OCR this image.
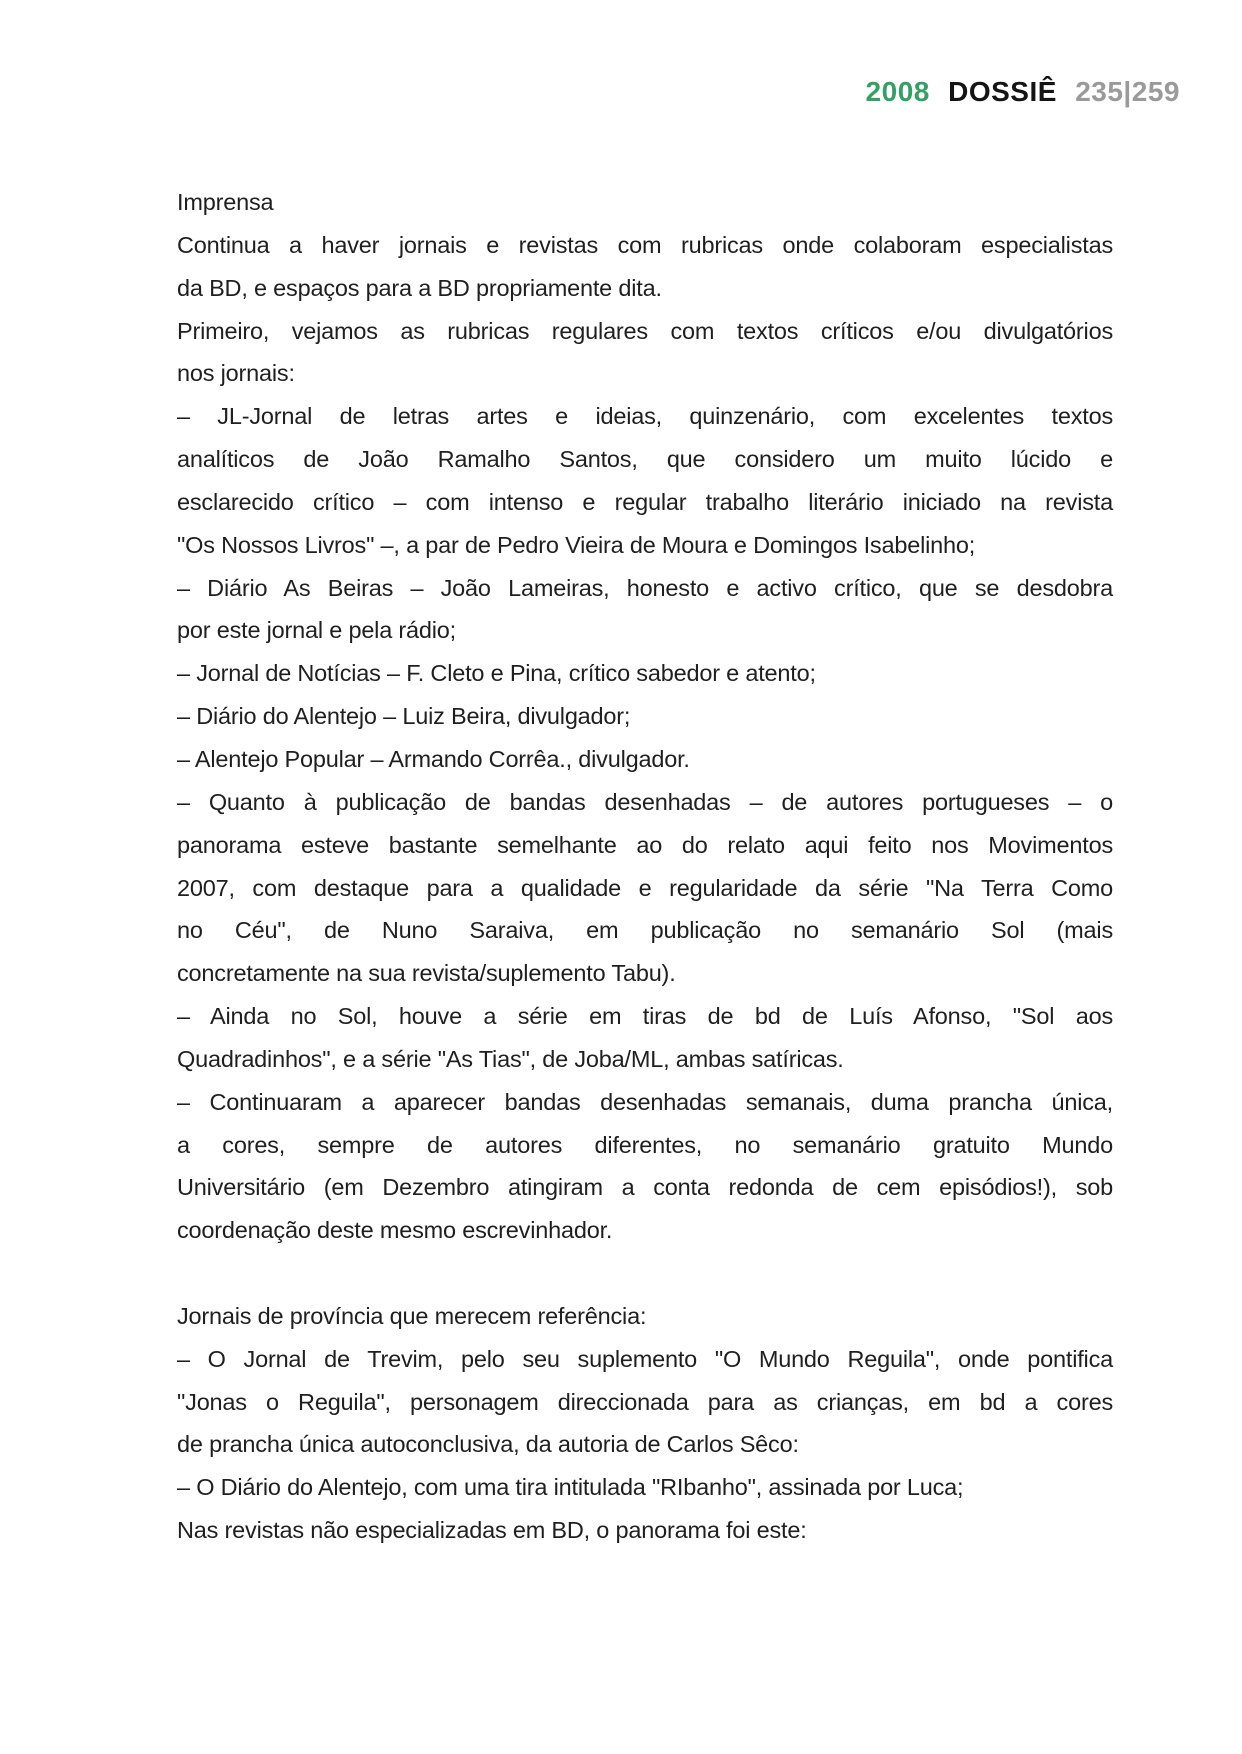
2008 DOSSIÊ 235|259
Imprensa
Continua a haver jornais e revistas com rubricas onde colaboram especialistas
da BD, e espaços para a BD propriamente dita.
Primeiro, vejamos as rubricas regulares com textos críticos e/ou divulgatórios
nos jornais:
– JL-Jornal de letras artes e ideias, quinzenário, com excelentes textos
analíticos de João Ramalho Santos, que considero um muito lúcido e
esclarecido crítico – com intenso e regular trabalho literário iniciado na revista
"Os Nossos Livros" –, a par de Pedro Vieira de Moura e Domingos Isabelinho;
– Diário As Beiras – João Lameiras, honesto e activo crítico, que se desdobra
por este jornal e pela rádio;
– Jornal de Notícias – F. Cleto e Pina, crítico sabedor e atento;
– Diário do Alentejo – Luiz Beira, divulgador;
– Alentejo Popular – Armando Corrêa., divulgador.
– Quanto à publicação de bandas desenhadas – de autores portugueses – o
panorama esteve bastante semelhante ao do relato aqui feito nos Movimentos
2007, com destaque para a qualidade e regularidade da série "Na Terra Como
no Céu", de Nuno Saraiva, em publicação no semanário Sol (mais
concretamente na sua revista/suplemento Tabu).
– Ainda no Sol, houve a série em tiras de bd de Luís Afonso, "Sol aos
Quadradinhos", e a série "As Tias", de Joba/ML, ambas satíricas.
– Continuaram a aparecer bandas desenhadas semanais, duma prancha única,
a cores, sempre de autores diferentes, no semanário gratuito Mundo
Universitário (em Dezembro atingiram a conta redonda de cem episódios!), sob
coordenação deste mesmo escrevinhador.
Jornais de província que merecem referência:
– O Jornal de Trevim, pelo seu suplemento "O Mundo Reguila", onde pontifica
"Jonas o Reguila", personagem direccionada para as crianças, em bd a cores
de prancha única autoconclusiva, da autoria de Carlos Sêco:
– O Diário do Alentejo, com uma tira intitulada "RIbanho", assinada por Luca;
Nas revistas não especializadas em BD, o panorama foi este:
